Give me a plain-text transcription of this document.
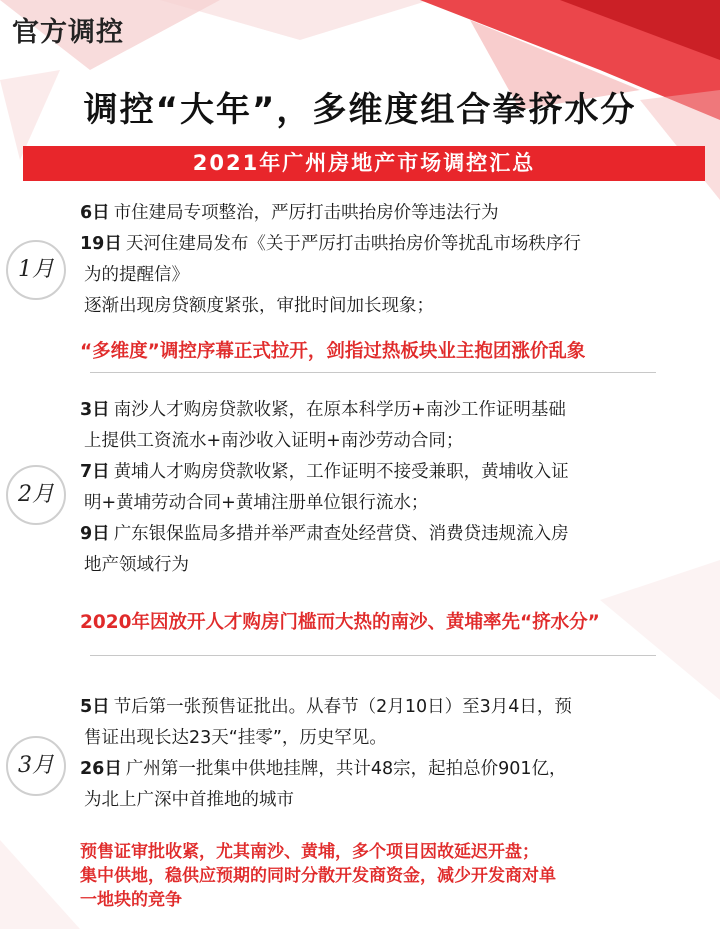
官方调控
调控“大年”，多维度组合拳挤水分
2021年广州房地产市场调控汇总
1月
6日 市住建局专项整治，严厉打击哄抬房价等违法行为
19日 天河住建局发布《关于严厉打击哄抬房价等扰乱市场秩序行
为的提醒信》
逐渐出现房贷额度紧张，审批时间加长现象；
“多维度”调控序幕正式拉开，剑指过热板块业主抱团涨价乱象
2月
3日 南沙人才购房贷款收紧，在原本科学历+南沙工作证明基础
上提供工资流水+南沙收入证明+南沙劳动合同；
7日 黄埔人才购房贷款收紧，工作证明不接受兼职，黄埔收入证
明+黄埔劳动合同+黄埔注册单位银行流水；
9日 广东银保监局多措并举严肃查处经营贷、消费贷违规流入房
地产领域行为
2020年因放开人才购房门槛而大热的南沙、黄埔率先“挤水分”
3月
5日 节后第一张预售证批出。从春节（2月10日）至3月4日，预
售证出现长达23天“挂零”，历史罕见。
26日 广州第一批集中供地挂牌，共计48宗，起拍总价901亿，
为北上广深中首推地的城市
预售证审批收紧，尤其南沙、黄埔，多个项目因故延迟开盘；
集中供地，稳供应预期的同时分散开发商资金，减少开发商对单
一地块的竞争
